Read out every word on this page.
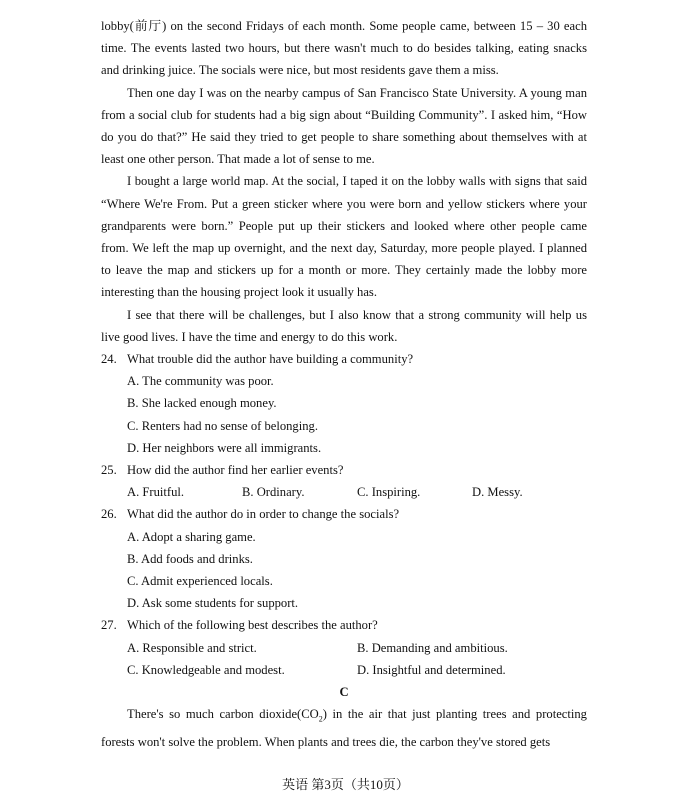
lobby(前厅) on the second Fridays of each month. Some people came, between 15 – 30 each time. The events lasted two hours, but there wasn't much to do besides talking, eating snacks and drinking juice. The socials were nice, but most residents gave them a miss.

Then one day I was on the nearby campus of San Francisco State University. A young man from a social club for students had a big sign about “Building Community”. I asked him, “How do you do that?” He said they tried to get people to share something about themselves with at least one other person. That made a lot of sense to me.

I bought a large world map. At the social, I taped it on the lobby walls with signs that said “Where We're From. Put a green sticker where you were born and yellow stickers where your grandparents were born.” People put up their stickers and looked where other people came from. We left the map up overnight, and the next day, Saturday, more people played. I planned to leave the map and stickers up for a month or more. They certainly made the lobby more interesting than the housing project look it usually has.

I see that there will be challenges, but I also know that a strong community will help us live good lives. I have the time and energy to do this work.

24. What trouble did the author have building a community?
A. The community was poor.
B. She lacked enough money.
C. Renters had no sense of belonging.
D. Her neighbors were all immigrants.
25. How did the author find her earlier events?
A. Fruitful.	B. Ordinary.	C. Inspiring.	D. Messy.
26. What did the author do in order to change the socials?
A. Adopt a sharing game.
B. Add foods and drinks.
C. Admit experienced locals.
D. Ask some students for support.
27. Which of the following best describes the author?
A. Responsible and strict.	B. Demanding and ambitious.
C. Knowledgeable and modest.	D. Insightful and determined.
C

There's so much carbon $dioxide(CO_2)$ in the air that just planting trees and protecting forests won't solve the problem. When plants and trees die, the carbon they've stored gets

英语 第3页（共10页）
